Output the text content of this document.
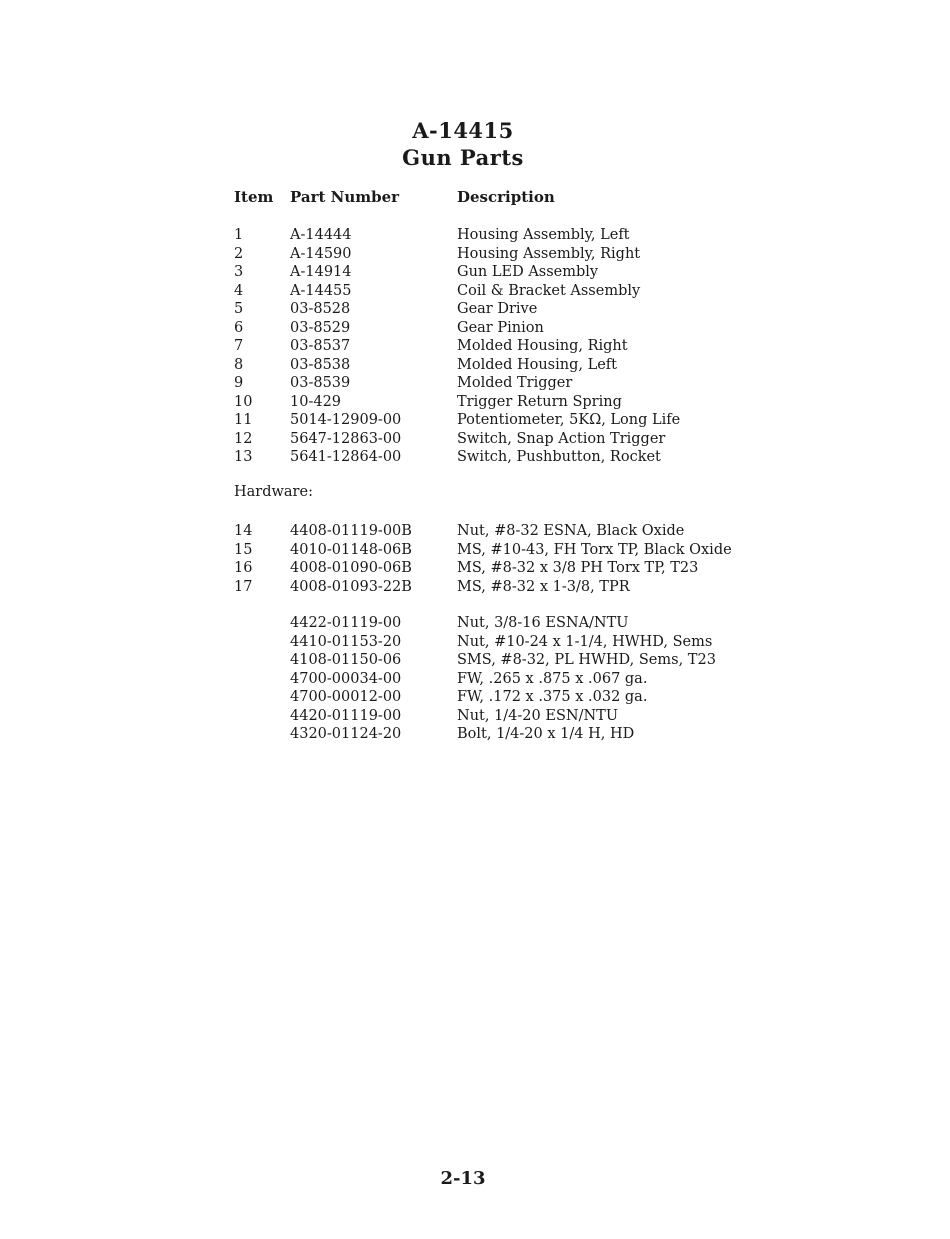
A-14415
Gun Parts
Item Part Number	Description
1	A-14444	Housing Assembly, Left
2	A-14590	Housing Assembly, Right
3	A-14914	Gun LED Assembly
4	A-14455	Coil & Bracket Assembly
5	03-8528	Gear Drive
6	03-8529	Gear Pinion
7	03-8537	Molded Housing, Right
8	03-8538	Molded Housing, Left
9	03-8539	Molded Trigger
10	10-429	Trigger Return Spring
11	5014-12909-00	Potentiometer, 5KΩ, Long Life
12	5647-12863-00	Switch, Snap Action Trigger
13	5641-12864-00	Switch, Pushbutton, Rocket
Hardware:
14	4408-01119-00B	Nut, #8-32 ESNA, Black Oxide
15	4010-01148-06B	MS, #10-43, FH Torx TP, Black Oxide
16	4008-01090-06B	MS, #8-32 x 3/8 PH Torx TP, T23
17	4008-01093-22B	MS, #8-32 x 1-3/8, TPR
4422-01119-00	Nut, 3/8-16 ESNA/NTU
4410-01153-20	Nut, #10-24 x 1-1/4, HWHD, Sems
4108-01150-06	SMS, #8-32, PL HWHD, Sems, T23
4700-00034-00	FW, .265 x .875 x .067 ga.
4700-00012-00	FW, .172 x .375 x .032 ga.
4420-01119-00	Nut, 1/4-20 ESN/NTU
4320-01124-20	Bolt, 1/4-20 x 1/4 H, HD
2-13
